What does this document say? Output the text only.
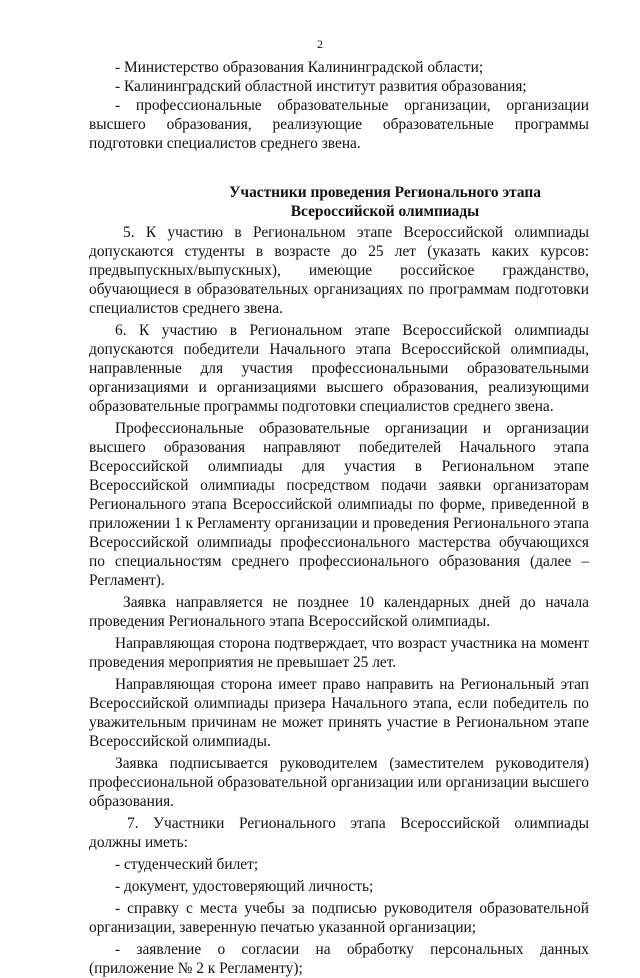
2

- Министерство образования Калининградской области;

- Калининградский областной институт развития образования;

- профессиональные образовательные организации, организации высшего образования, реализующие образовательные программы подготовки специалистов среднего звена.

Участники проведения Регионального этапа
Всероссийской олимпиады

5. К участию в Региональном этапе Всероссийской олимпиады допускаются студенты в возрасте до 25 лет (указать каких курсов: предвыпускных/выпускных), имеющие российское гражданство, обучающиеся в образовательных организациях по программам подготовки специалистов среднего звена.

6. К участию в Региональном этапе Всероссийской олимпиады допускаются победители Начального этапа Всероссийской олимпиады, направленные для участия профессиональными образовательными организациями и организациями высшего образования, реализующими образовательные программы подготовки специалистов среднего звена.

Профессиональные образовательные организации и организации высшего образования направляют победителей Начального этапа Всероссийской олимпиады для участия в Региональном этапе Всероссийской олимпиады посредством подачи заявки организаторам Регионального этапа Всероссийской олимпиады по форме, приведенной в приложении 1 к Регламенту организации и проведения Регионального этапа Всероссийской олимпиады профессионального мастерства обучающихся по специальностям среднего профессионального образования (далее – Регламент).

Заявка направляется не позднее 10 календарных дней до начала проведения Регионального этапа Всероссийской олимпиады.

Направляющая сторона подтверждает, что возраст участника на момент проведения мероприятия не превышает 25 лет.

Направляющая сторона имеет право направить на Региональный этап Всероссийской олимпиады призера Начального этапа, если победитель по уважительным причинам не может принять участие в Региональном этапе Всероссийской олимпиады.

Заявка подписывается руководителем (заместителем руководителя) профессиональной образовательной организации или организации высшего образования.

7. Участники Регионального этапа Всероссийской олимпиады должны иметь:

- студенческий билет;

- документ, удостоверяющий личность;

- справку с места учебы за подписью руководителя образовательной организации, заверенную печатью указанной организации;

- заявление о согласии на обработку персональных данных (приложение № 2 к Регламенту);
